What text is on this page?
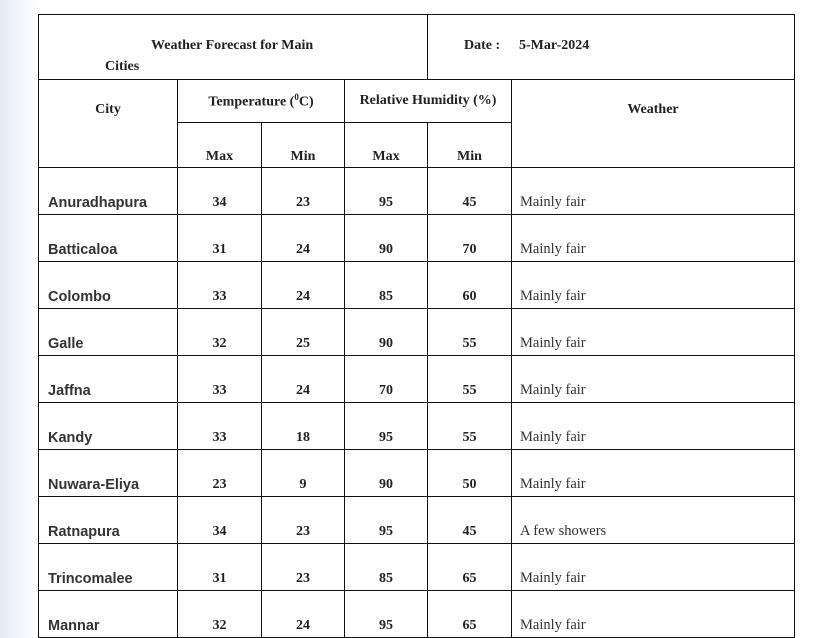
Weather Forecast for Main
Cities				Date : 5-Mar-2024	

City	Temperature ($^0$C)		Relative Humidity (%)		Weather
	Max	Min	Max	Min	
Anuradhapura	34	23	95	45	Mainly fair
Batticaloa	31	24	90	70	Mainly fair
Colombo	33	24	85	60	Mainly fair
Galle	32	25	90	55	Mainly fair
Jaffna	33	24	70	55	Mainly fair
Kandy	33	18	95	55	Mainly fair
Nuwara-Eliya	23	9	90	50	Mainly fair
Ratnapura	34	23	95	45	A few showers
Trincomalee	31	23	85	65	Mainly fair
Mannar	32	24	95	65	Mainly fair
